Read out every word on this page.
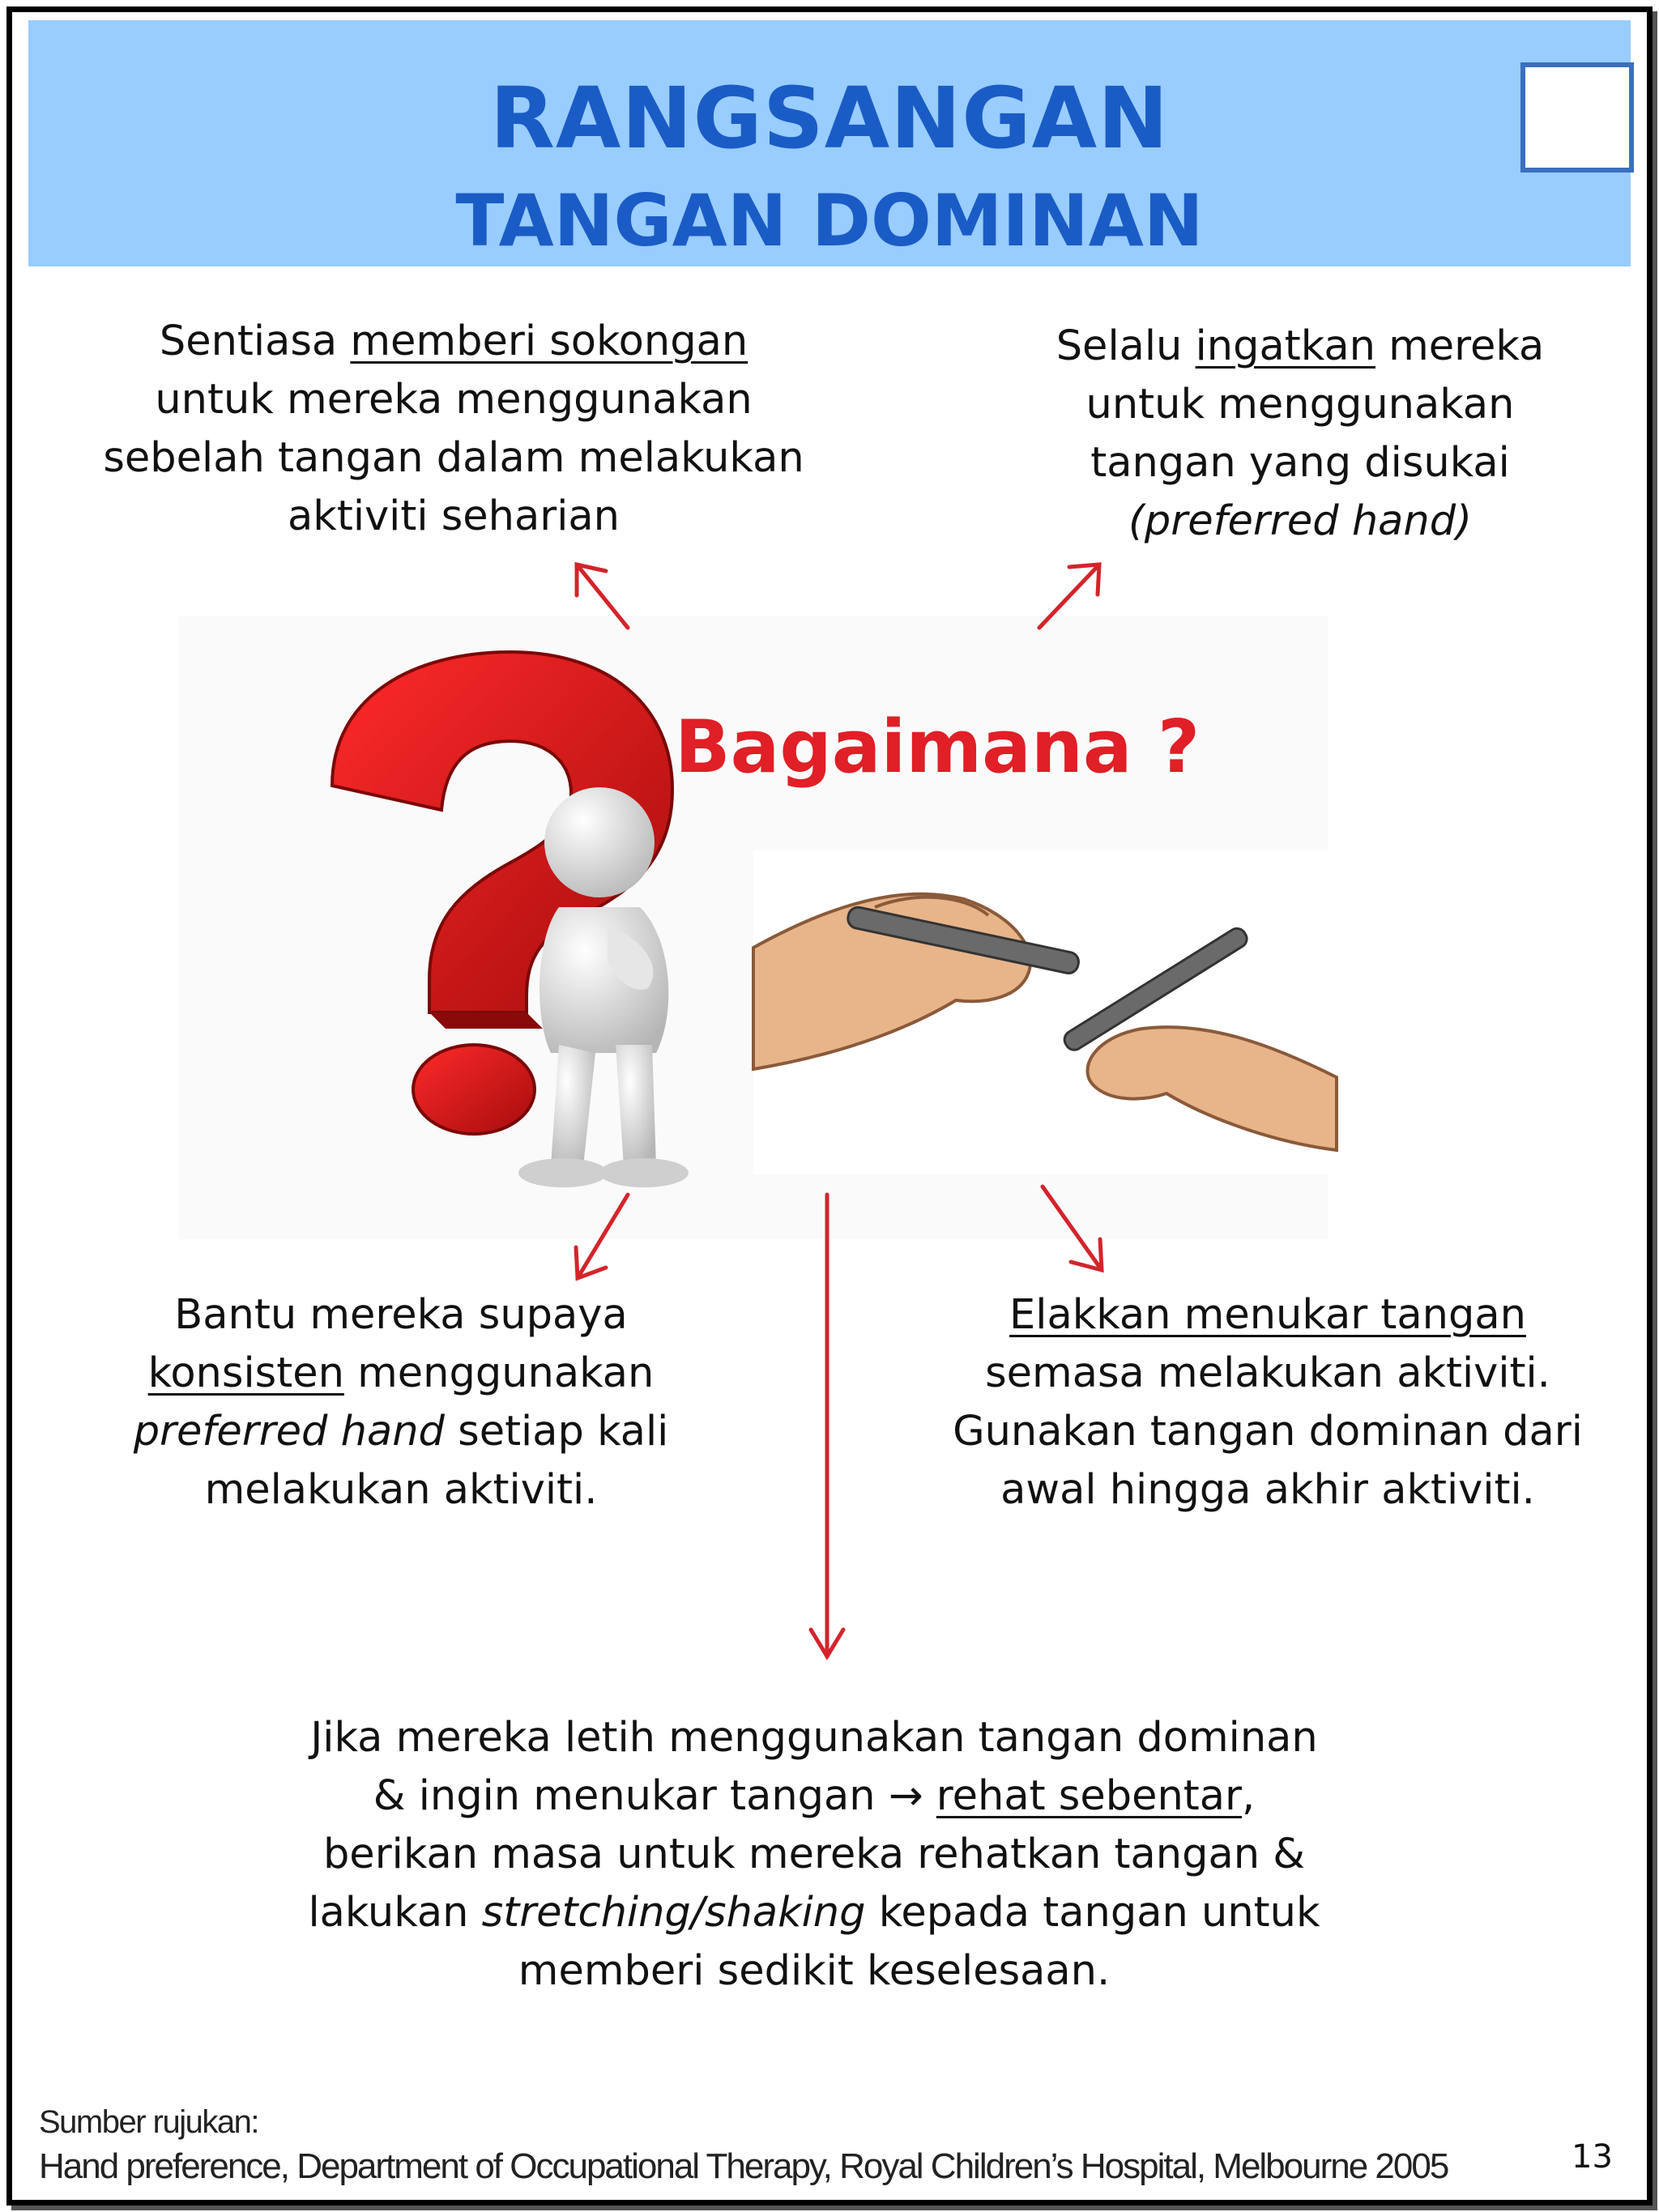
RANGSANGAN
TANGAN DOMINAN
Sentiasa memberi sokongan
untuk mereka menggunakan
sebelah tangan dalam melakukan
aktiviti seharian
Selalu ingatkan mereka
untuk menggunakan
tangan yang disukai
(preferred hand)
Bagaimana ?
Bantu mereka supaya
konsisten menggunakan
preferred hand setiap kali
melakukan aktiviti.
Elakkan menukar tangan
semasa melakukan aktiviti.
Gunakan tangan dominan dari
awal hingga akhir aktiviti.
Jika mereka letih menggunakan tangan dominan
& ingin menukar tangan → rehat sebentar,
berikan masa untuk mereka rehatkan tangan &
lakukan stretching/shaking kepada tangan untuk
memberi sedikit keselesaan.
Sumber rujukan:
Hand preference, Department of Occupational Therapy, Royal Children’s Hospital, Melbourne 2005	13
